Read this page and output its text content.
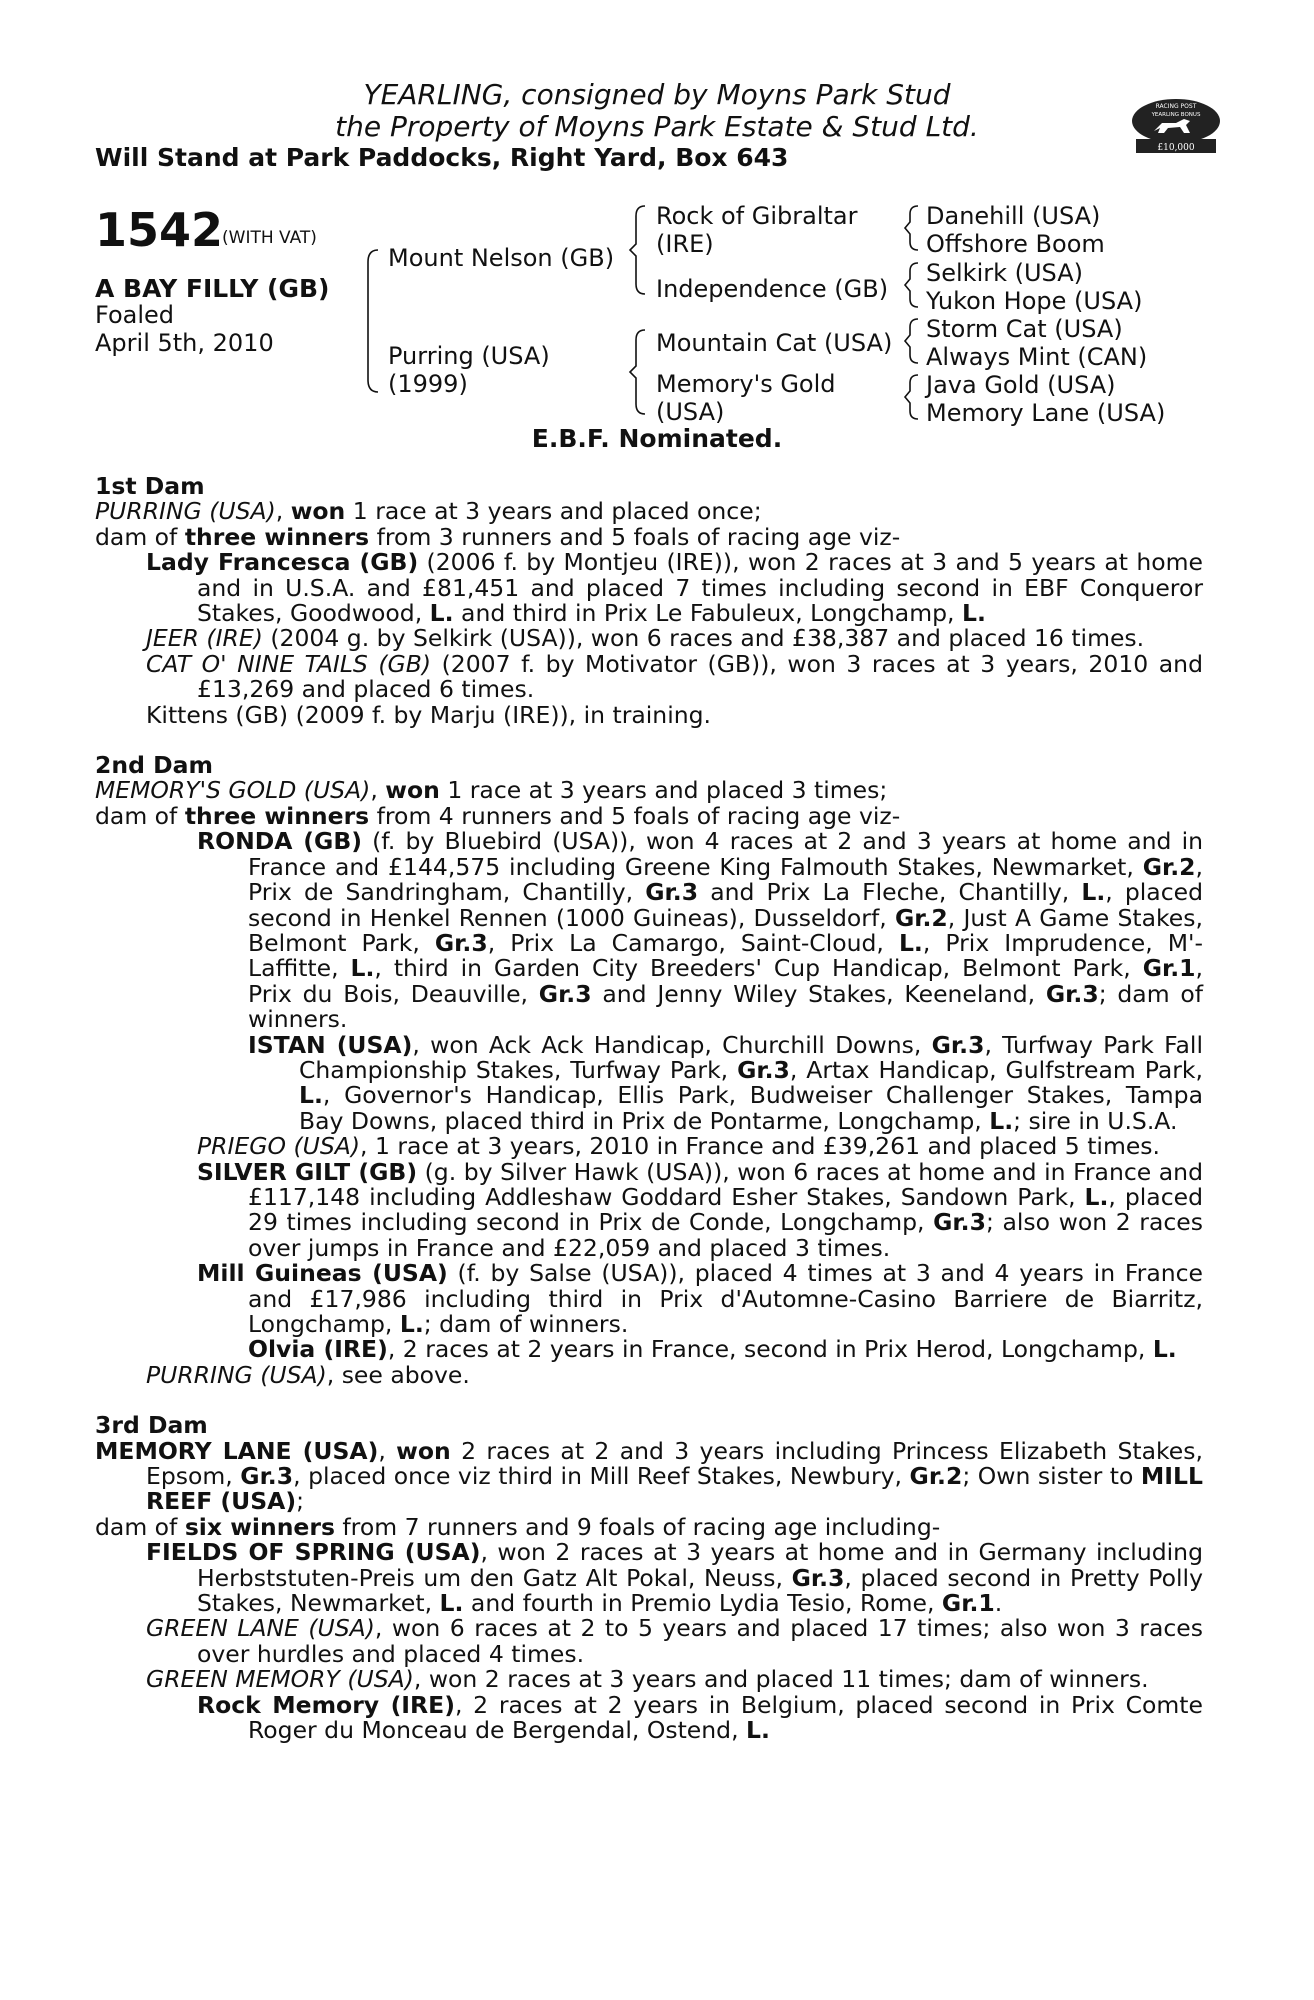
YEARLING, consigned by Moyns Park Stud
the Property of Moyns Park Estate & Stud Ltd.
Will Stand at Park Paddocks, Right Yard, Box 643
RACING POST
YEARLING BONUS
£10,000
1542
(WITH VAT)
A BAY FILLY (GB)
Foaled
April 5th, 2010
Mount Nelson (GB)
Purring (USA)
(1999)
Rock of Gibraltar
(IRE)
Independence (GB)
Mountain Cat (USA)
Memory's Gold
(USA)
Danehill (USA)
Offshore Boom
Selkirk (USA)
Yukon Hope (USA)
Storm Cat (USA)
Always Mint (CAN)
Java Gold (USA)
Memory Lane (USA)
E.B.F. Nominated.
1st Dam
PURRING (USA), won 1 race at 3 years and placed once;
dam of three winners from 3 runners and 5 foals of racing age viz-
Lady Francesca (GB) (2006 f. by Montjeu (IRE)), won 2 races at 3 and 5 years at home and in U.S.A. and £81,451 and placed 7 times including second in EBF Conqueror Stakes, Goodwood, L. and third in Prix Le Fabuleux, Longchamp, L.
JEER (IRE) (2004 g. by Selkirk (USA)), won 6 races and £38,387 and placed 16 times.
CAT O' NINE TAILS (GB) (2007 f. by Motivator (GB)), won 3 races at 3 years, 2010 and £13,269 and placed 6 times.
Kittens (GB) (2009 f. by Marju (IRE)), in training.
2nd Dam
MEMORY'S GOLD (USA), won 1 race at 3 years and placed 3 times;
dam of three winners from 4 runners and 5 foals of racing age viz-
RONDA (GB) (f. by Bluebird (USA)), won 4 races at 2 and 3 years at home and in France and £144,575 including Greene King Falmouth Stakes, Newmarket, Gr.2, Prix de Sandringham, Chantilly, Gr.3 and Prix La Fleche, Chantilly, L., placed second in Henkel Rennen (1000 Guineas), Dusseldorf, Gr.2, Just A Game Stakes, Belmont Park, Gr.3, Prix La Camargo, Saint-Cloud, L., Prix Imprudence, M'-Laffitte, L., third in Garden City Breeders' Cup Handicap, Belmont Park, Gr.1, Prix du Bois, Deauville, Gr.3 and Jenny Wiley Stakes, Keeneland, Gr.3; dam of winners.
ISTAN (USA), won Ack Ack Handicap, Churchill Downs, Gr.3, Turfway Park Fall Championship Stakes, Turfway Park, Gr.3, Artax Handicap, Gulfstream Park, L., Governor's Handicap, Ellis Park, Budweiser Challenger Stakes, Tampa Bay Downs, placed third in Prix de Pontarme, Longchamp, L.; sire in U.S.A.
PRIEGO (USA), 1 race at 3 years, 2010 in France and £39,261 and placed 5 times.
SILVER GILT (GB) (g. by Silver Hawk (USA)), won 6 races at home and in France and £117,148 including Addleshaw Goddard Esher Stakes, Sandown Park, L., placed 29 times including second in Prix de Conde, Longchamp, Gr.3; also won 2 races over jumps in France and £22,059 and placed 3 times.
Mill Guineas (USA) (f. by Salse (USA)), placed 4 times at 3 and 4 years in France and £17,986 including third in Prix d'Automne-Casino Barriere de Biarritz, Longchamp, L.; dam of winners.
Olvia (IRE), 2 races at 2 years in France, second in Prix Herod, Longchamp, L.
PURRING (USA), see above.
3rd Dam
MEMORY LANE (USA), won 2 races at 2 and 3 years including Princess Elizabeth Stakes, Epsom, Gr.3, placed once viz third in Mill Reef Stakes, Newbury, Gr.2; Own sister to MILL REEF (USA);
dam of six winners from 7 runners and 9 foals of racing age including-
FIELDS OF SPRING (USA), won 2 races at 3 years at home and in Germany including Herbststuten-Preis um den Gatz Alt Pokal, Neuss, Gr.3, placed second in Pretty Polly Stakes, Newmarket, L. and fourth in Premio Lydia Tesio, Rome, Gr.1.
GREEN LANE (USA), won 6 races at 2 to 5 years and placed 17 times; also won 3 races over hurdles and placed 4 times.
GREEN MEMORY (USA), won 2 races at 3 years and placed 11 times; dam of winners.
Rock Memory (IRE), 2 races at 2 years in Belgium, placed second in Prix Comte Roger du Monceau de Bergendal, Ostend, L.
